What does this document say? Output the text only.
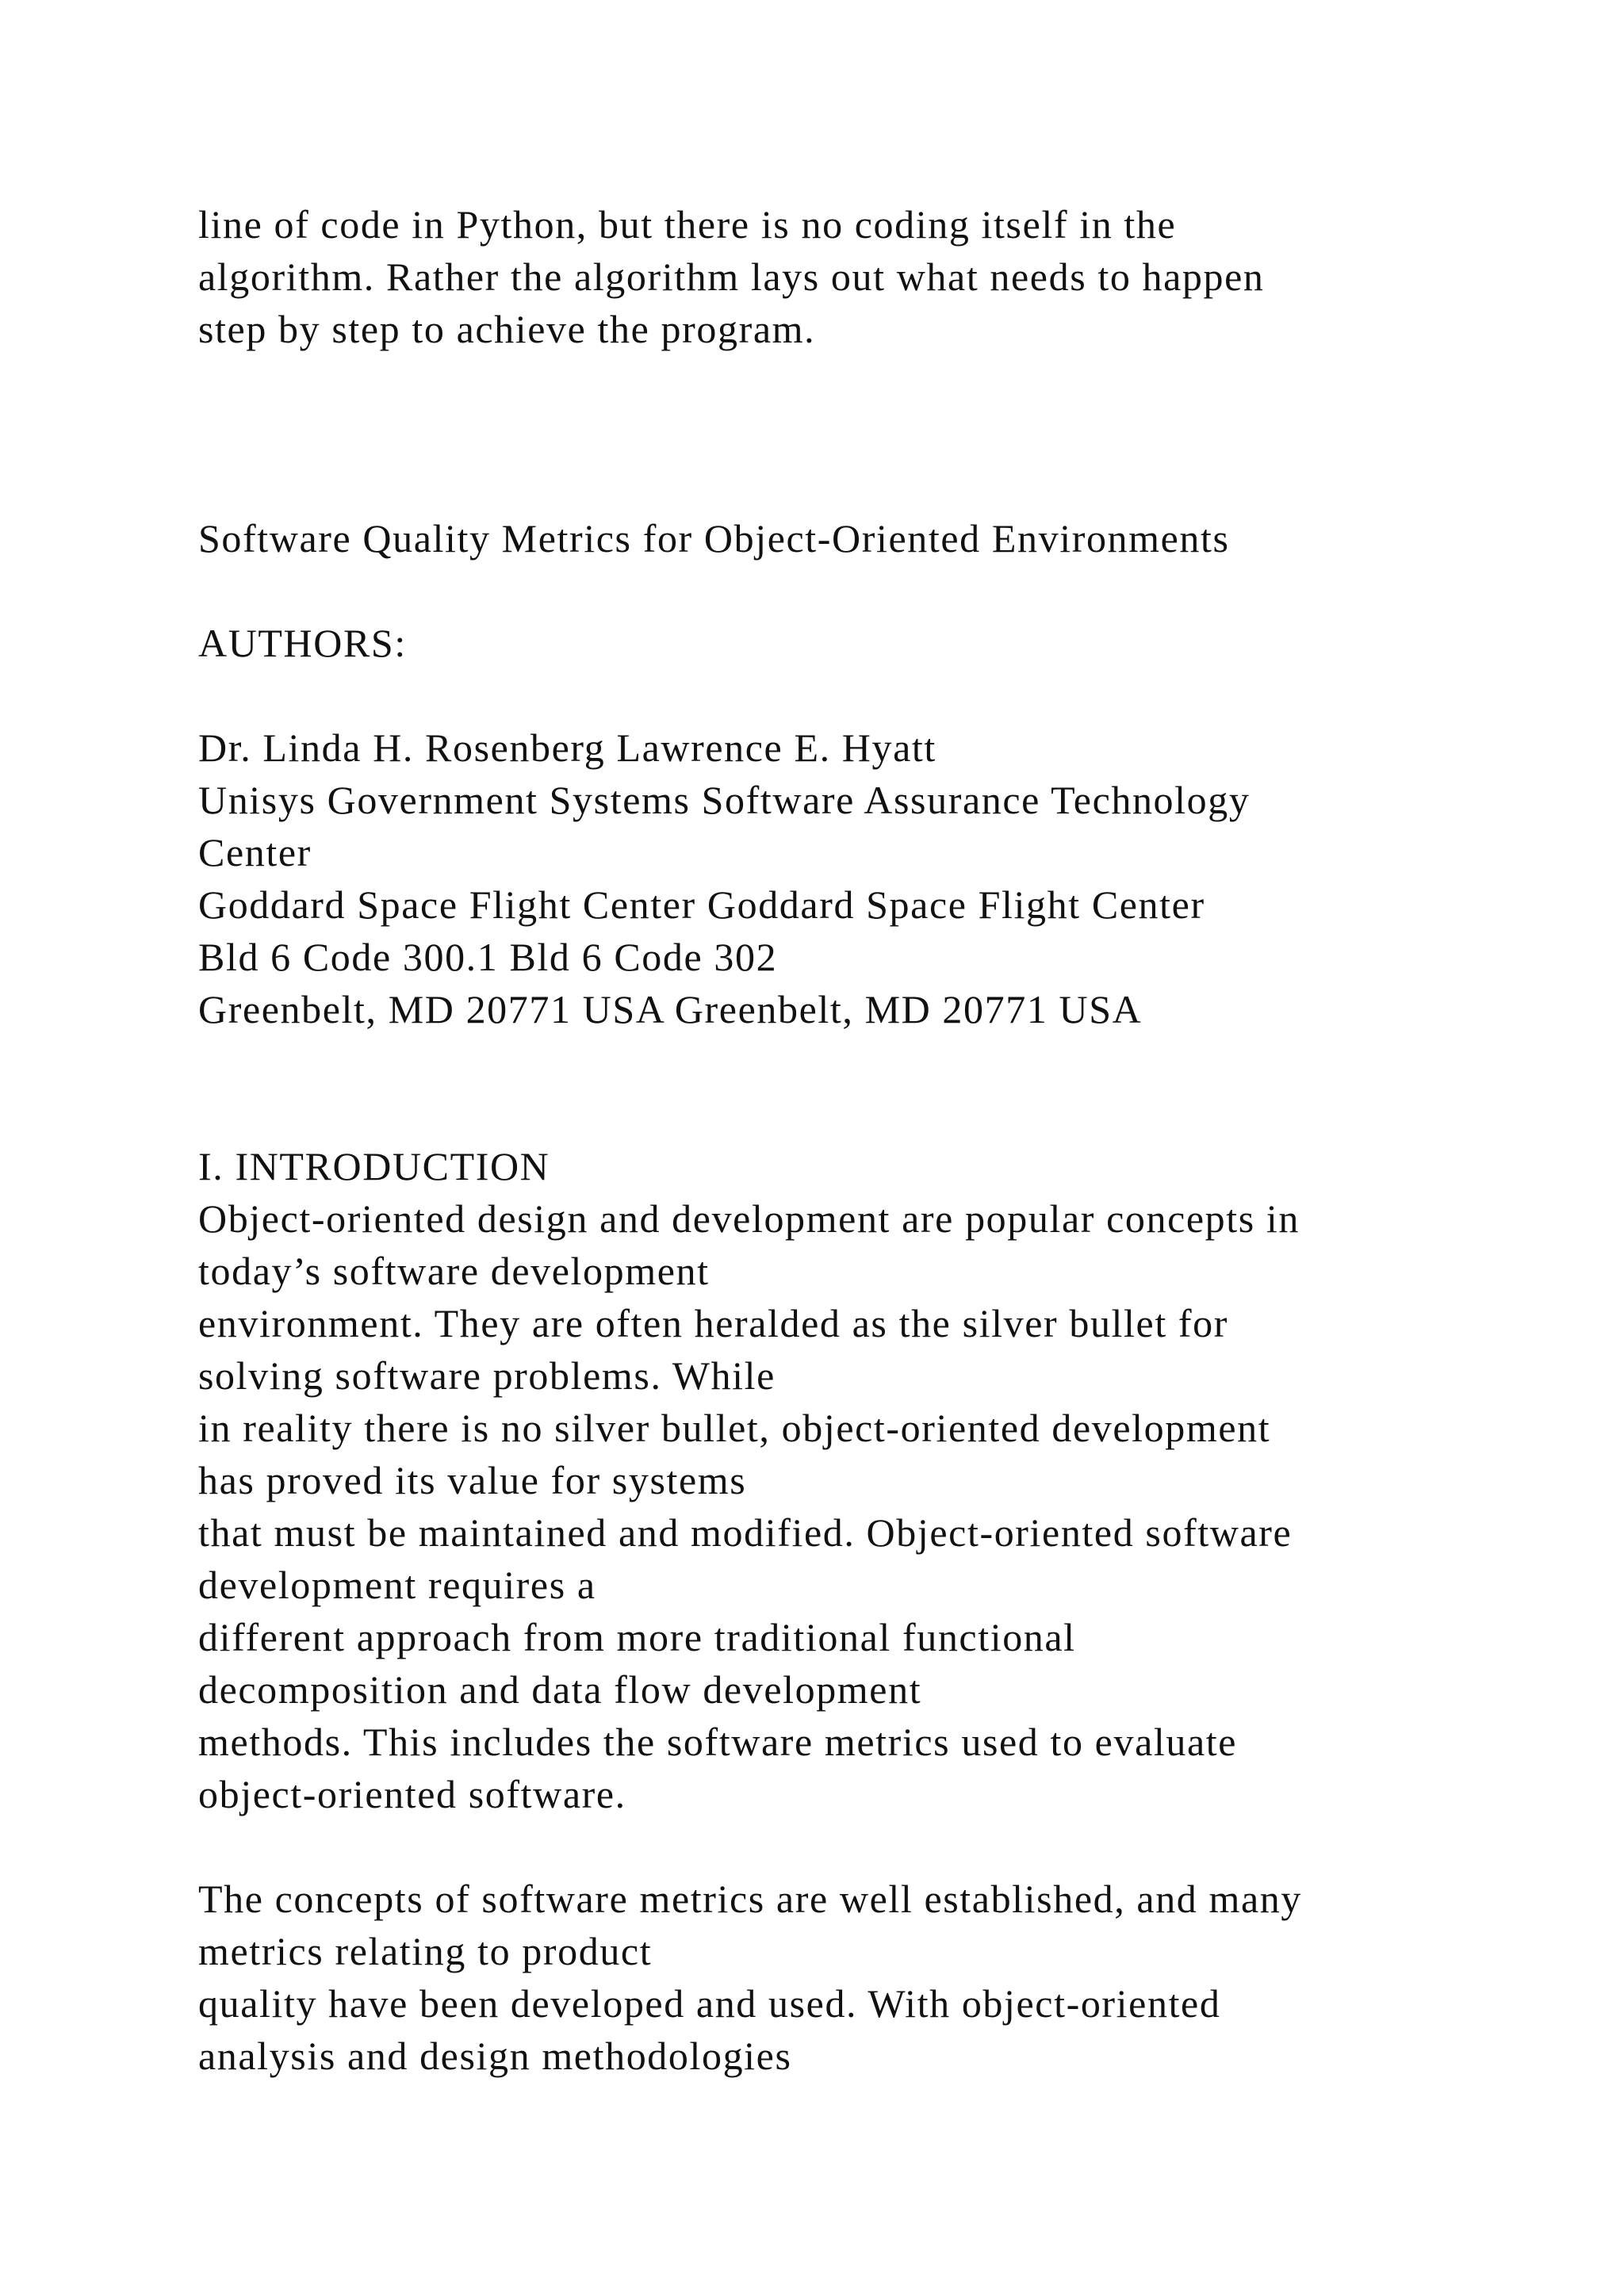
line of code in Python, but there is no coding itself in the
algorithm. Rather the algorithm lays out what needs to happen
step by step to achieve the program.
Software Quality Metrics for Object-Oriented Environments
AUTHORS:
Dr. Linda H. Rosenberg Lawrence E. Hyatt
Unisys Government Systems Software Assurance Technology
Center
Goddard Space Flight Center Goddard Space Flight Center
Bld 6 Code 300.1 Bld 6 Code 302
Greenbelt, MD 20771 USA Greenbelt, MD 20771 USA
I. INTRODUCTION
Object-oriented design and development are popular concepts in
today’s software development
environment. They are often heralded as the silver bullet for
solving software problems. While
in reality there is no silver bullet, object-oriented development
has proved its value for systems
that must be maintained and modified. Object-oriented software
development requires a
different approach from more traditional functional
decomposition and data flow development
methods. This includes the software metrics used to evaluate
object-oriented software.
The concepts of software metrics are well established, and many
metrics relating to product
quality have been developed and used. With object-oriented
analysis and design methodologies
